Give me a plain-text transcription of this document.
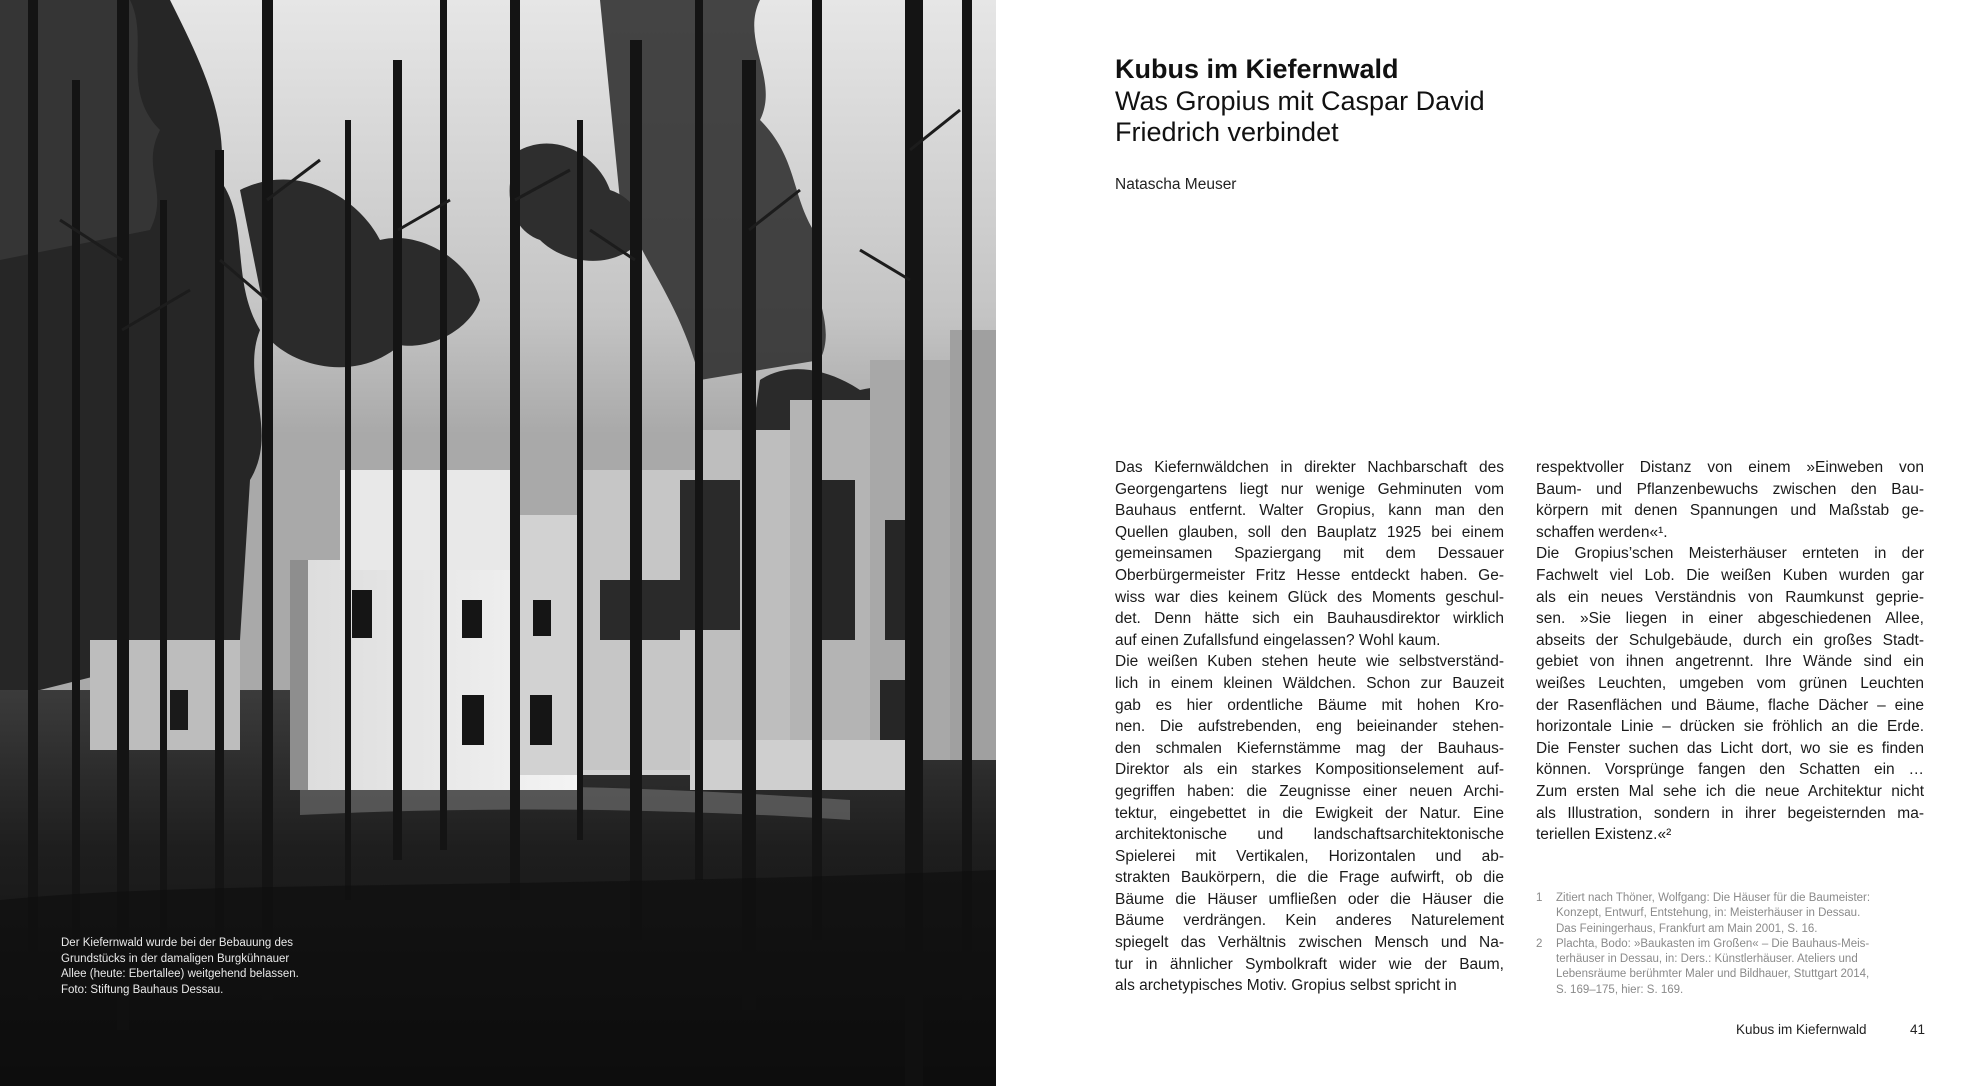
Der Kiefernwald wurde bei der Bebauung des
Grundstücks in der damaligen Burgkühnauer
Allee (heute: Ebertallee) weitgehend belassen.
Foto: Stiftung Bauhaus Dessau.
Kubus im Kiefernwald
Was Gropius mit Caspar David Friedrich verbindet
Natascha Meuser
Das Kiefernwäldchen in direkter Nachbarschaft des
Georgengartens liegt nur wenige Gehminuten vom
Bauhaus entfernt. Walter Gropius, kann man den
Quellen glauben, soll den Bauplatz 1925 bei einem
gemeinsamen Spaziergang mit dem Dessauer
Oberbürgermeister Fritz Hesse entdeckt haben. Ge-
wiss war dies keinem Glück des Moments geschul-
det. Denn hätte sich ein Bauhausdirektor wirklich
auf einen Zufallsfund eingelassen? Wohl kaum.
Die weißen Kuben stehen heute wie selbstverständ-
lich in einem kleinen Wäldchen. Schon zur Bauzeit
gab es hier ordentliche Bäume mit hohen Kro-
nen. Die aufstrebenden, eng beieinander stehen-
den schmalen Kiefernstämme mag der Bauhaus-
Direktor als ein starkes Kompositionselement auf-
gegriffen haben: die Zeugnisse einer neuen Archi-
tektur, eingebettet in die Ewigkeit der Natur. Eine
architektonische und landschaftsarchitektonische
Spielerei mit Vertikalen, Horizontalen und ab-
strakten Baukörpern, die die Frage aufwirft, ob die
Bäume die Häuser umfließen oder die Häuser die
Bäume verdrängen. Kein anderes Naturelement
spiegelt das Verhältnis zwischen Mensch und Na-
tur in ähnlicher Symbolkraft wider wie der Baum,
als archetypisches Motiv. Gropius selbst spricht in
respektvoller Distanz von einem »Einweben von
Baum- und Pflanzenbewuchs zwischen den Bau-
körpern mit denen Spannungen und Maßstab ge-
schaffen werden«¹.
Die Gropius’schen Meisterhäuser ernteten in der
Fachwelt viel Lob. Die weißen Kuben wurden gar
als ein neues Verständnis von Raumkunst geprie-
sen. »Sie liegen in einer abgeschiedenen Allee,
abseits der Schulgebäude, durch ein großes Stadt-
gebiet von ihnen angetrennt. Ihre Wände sind ein
weißes Leuchten, umgeben vom grünen Leuchten
der Rasenflächen und Bäume, flache Dächer – eine
horizontale Linie – drücken sie fröhlich an die Erde.
Die Fenster suchen das Licht dort, wo sie es finden
können. Vorsprünge fangen den Schatten ein …
Zum ersten Mal sehe ich die neue Architektur nicht
als Illustration, sondern in ihrer begeisternden ma-
teriellen Existenz.«²
1 Zitiert nach Thöner, Wolfgang: Die Häuser für die Baumeister:
Konzept, Entwurf, Entstehung, in: Meisterhäuser in Dessau.
Das Feiningerhaus, Frankfurt am Main 2001, S. 16.
2 Plachta, Bodo: »Baukasten im Großen« – Die Bauhaus-Meis-
terhäuser in Dessau, in: Ders.: Künstlerhäuser. Ateliers und
Lebensräume berühmter Maler und Bildhauer, Stuttgart 2014,
S. 169–175, hier: S. 169.
Kubus im Kiefernwald	41
